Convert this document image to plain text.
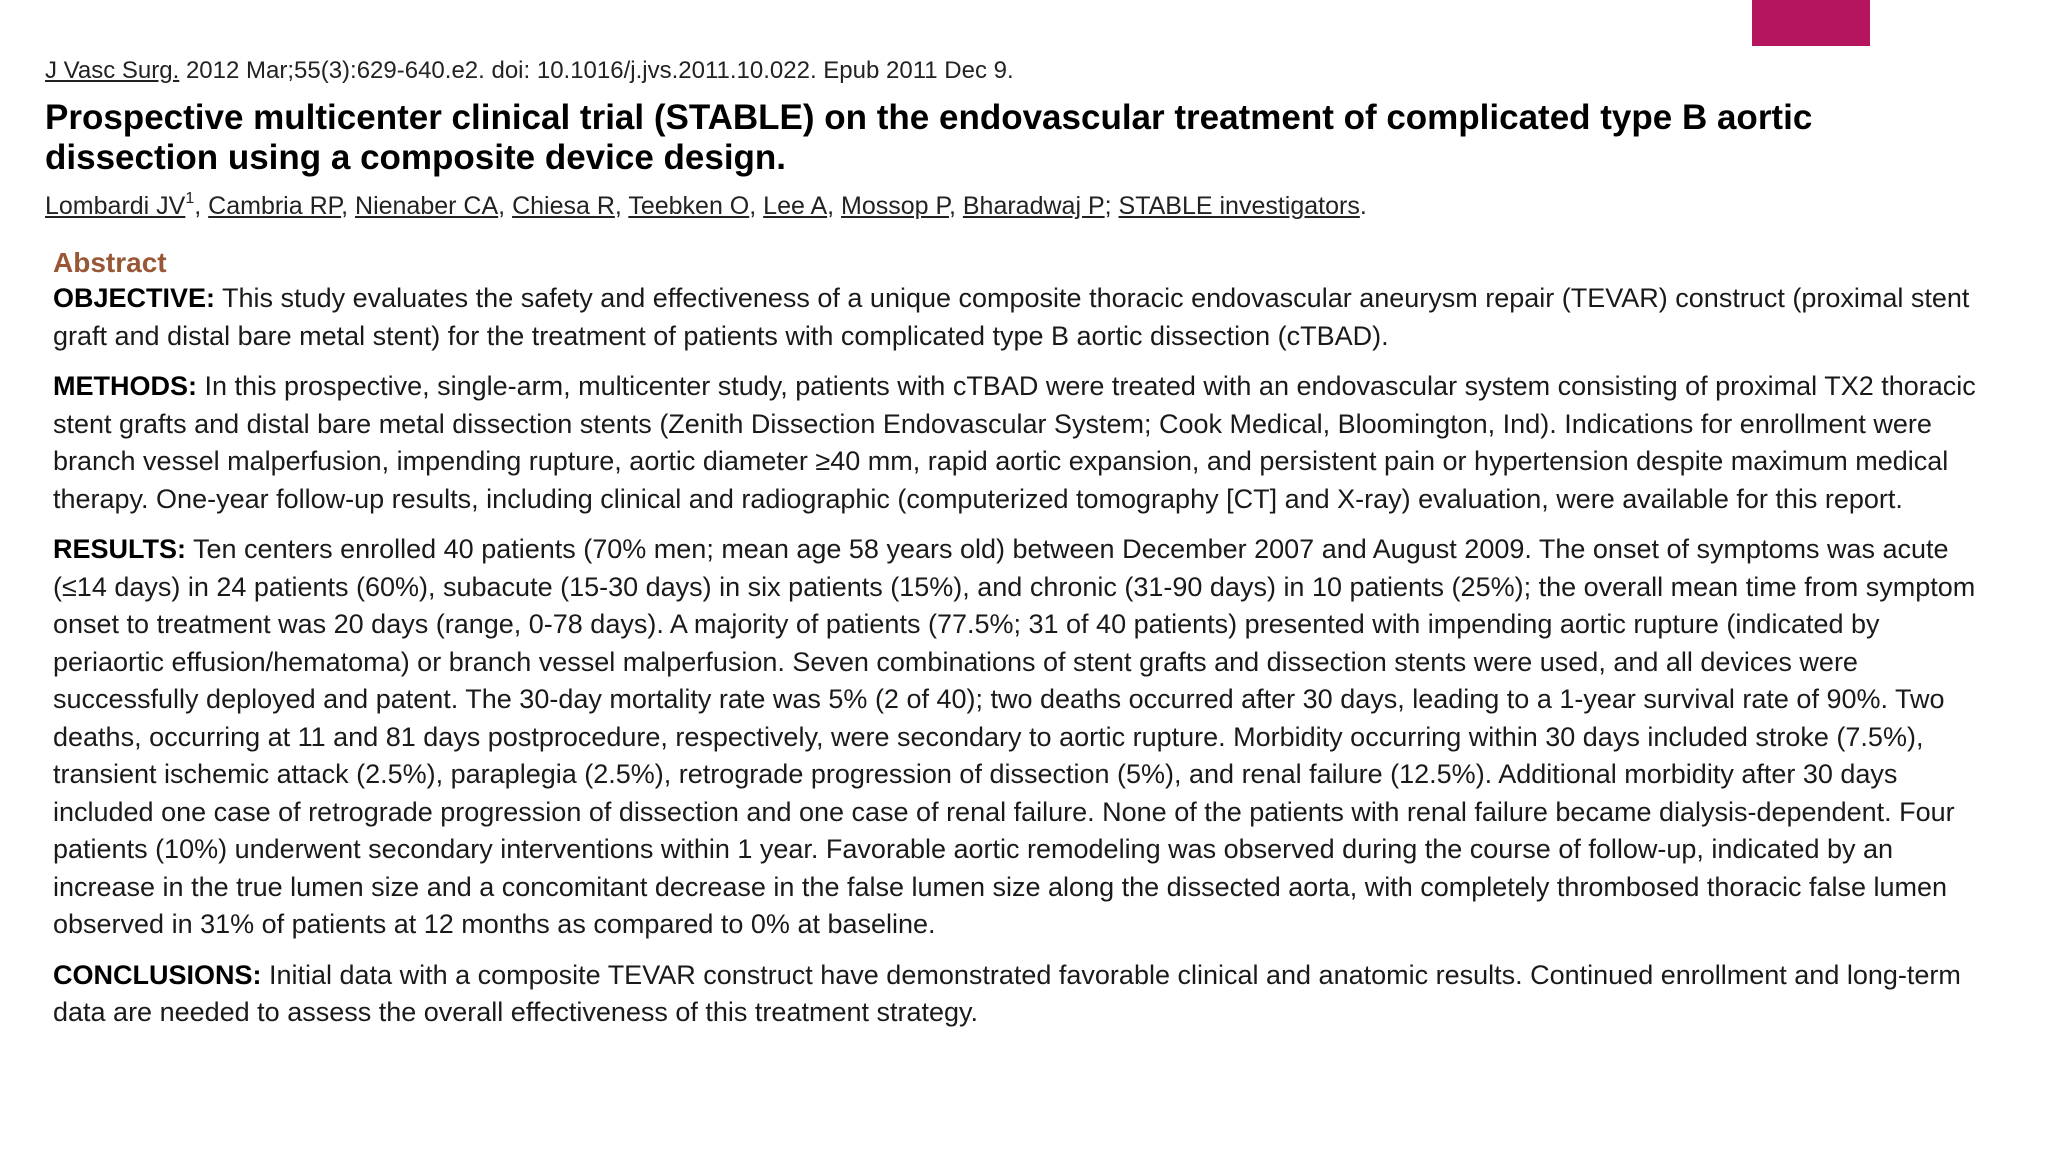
J Vasc Surg. 2012 Mar;55(3):629-640.e2. doi: 10.1016/j.jvs.2011.10.022. Epub 2011 Dec 9.
Prospective multicenter clinical trial (STABLE) on the endovascular treatment of complicated type B aortic dissection using a composite device design.
Lombardi $JV^1$, Cambria RP, Nienaber CA, Chiesa R, Teebken O, Lee A, Mossop P, Bharadwaj P; STABLE investigators.
Abstract

OBJECTIVE: This study evaluates the safety and effectiveness of a unique composite thoracic endovascular aneurysm repair (TEVAR) construct (proximal stent graft and distal bare metal stent) for the treatment of patients with complicated type B aortic dissection (cTBAD).

METHODS: In this prospective, single-arm, multicenter study, patients with cTBAD were treated with an endovascular system consisting of proximal TX2 thoracic stent grafts and distal bare metal dissection stents (Zenith Dissection Endovascular System; Cook Medical, Bloomington, Ind). Indications for enrollment were branch vessel malperfusion, impending rupture, aortic diameter ≥40 mm, rapid aortic expansion, and persistent pain or hypertension despite maximum medical therapy. One-year follow-up results, including clinical and radiographic (computerized tomography [CT] and X-ray) evaluation, were available for this report.

RESULTS: Ten centers enrolled 40 patients (70% men; mean age 58 years old) between December 2007 and August 2009. The onset of symptoms was acute (≤14 days) in 24 patients (60%), subacute (15-30 days) in six patients (15%), and chronic (31-90 days) in 10 patients (25%); the overall mean time from symptom onset to treatment was 20 days (range, 0-78 days). A majority of patients (77.5%; 31 of 40 patients) presented with impending aortic rupture (indicated by periaortic effusion/hematoma) or branch vessel malperfusion. Seven combinations of stent grafts and dissection stents were used, and all devices were successfully deployed and patent. The 30-day mortality rate was 5% (2 of 40); two deaths occurred after 30 days, leading to a 1-year survival rate of 90%. Two deaths, occurring at 11 and 81 days postprocedure, respectively, were secondary to aortic rupture. Morbidity occurring within 30 days included stroke (7.5%), transient ischemic attack (2.5%), paraplegia (2.5%), retrograde progression of dissection (5%), and renal failure (12.5%). Additional morbidity after 30 days included one case of retrograde progression of dissection and one case of renal failure. None of the patients with renal failure became dialysis-dependent. Four patients (10%) underwent secondary interventions within 1 year. Favorable aortic remodeling was observed during the course of follow-up, indicated by an increase in the true lumen size and a concomitant decrease in the false lumen size along the dissected aorta, with completely thrombosed thoracic false lumen observed in 31% of patients at 12 months as compared to 0% at baseline.

CONCLUSIONS: Initial data with a composite TEVAR construct have demonstrated favorable clinical and anatomic results. Continued enrollment and long-term data are needed to assess the overall effectiveness of this treatment strategy.
